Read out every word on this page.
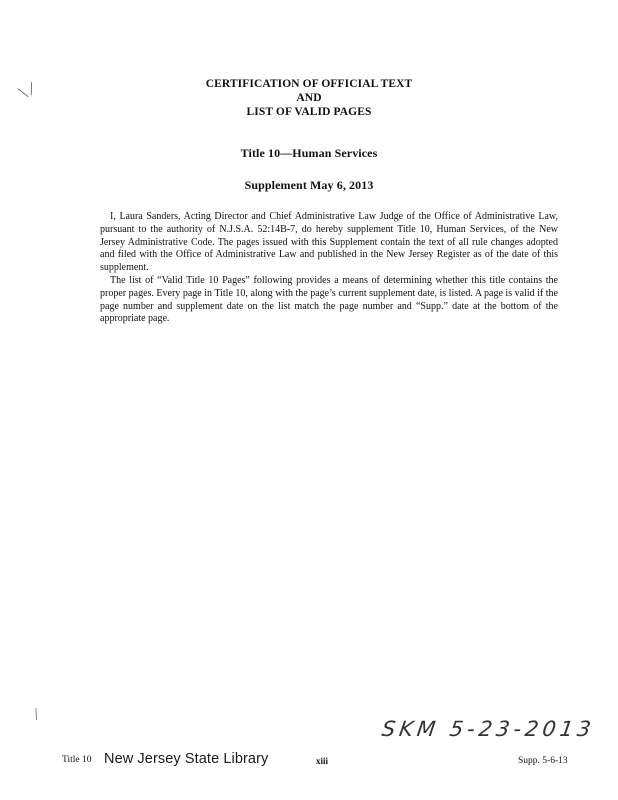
╲ ╱	CERTIFICATION OF OFFICIAL TEXT
AND
LIST OF VALID PAGES
Title 10—Human Services
Supplement May 6, 2013

I, Laura Sanders, Acting Director and Chief Administrative Law Judge of the Office of Administrative Law, pursuant to the authority of N.J.S.A. 52:14B-7, do hereby supplement Title 10, Human Services, of the New Jersey Administrative Code. The pages issued with this Supplement contain the text of all rule changes adopted and filed with the Office of Administrative Law and published in the New Jersey Register as of the date of this supplement.

The list of “Valid Title 10 Pages” following provides a means of determining whether this title contains the proper pages. Every page in Title 10, along with the page’s current supplement date, is listed. A page is valid if the page number and supplement date on the list match the page number and “Supp.” date at the bottom of the appropriate page.

╱
SKM 5-23-2013
Title 10 New Jersey State Library	xiii	Supp. 5-6-13
